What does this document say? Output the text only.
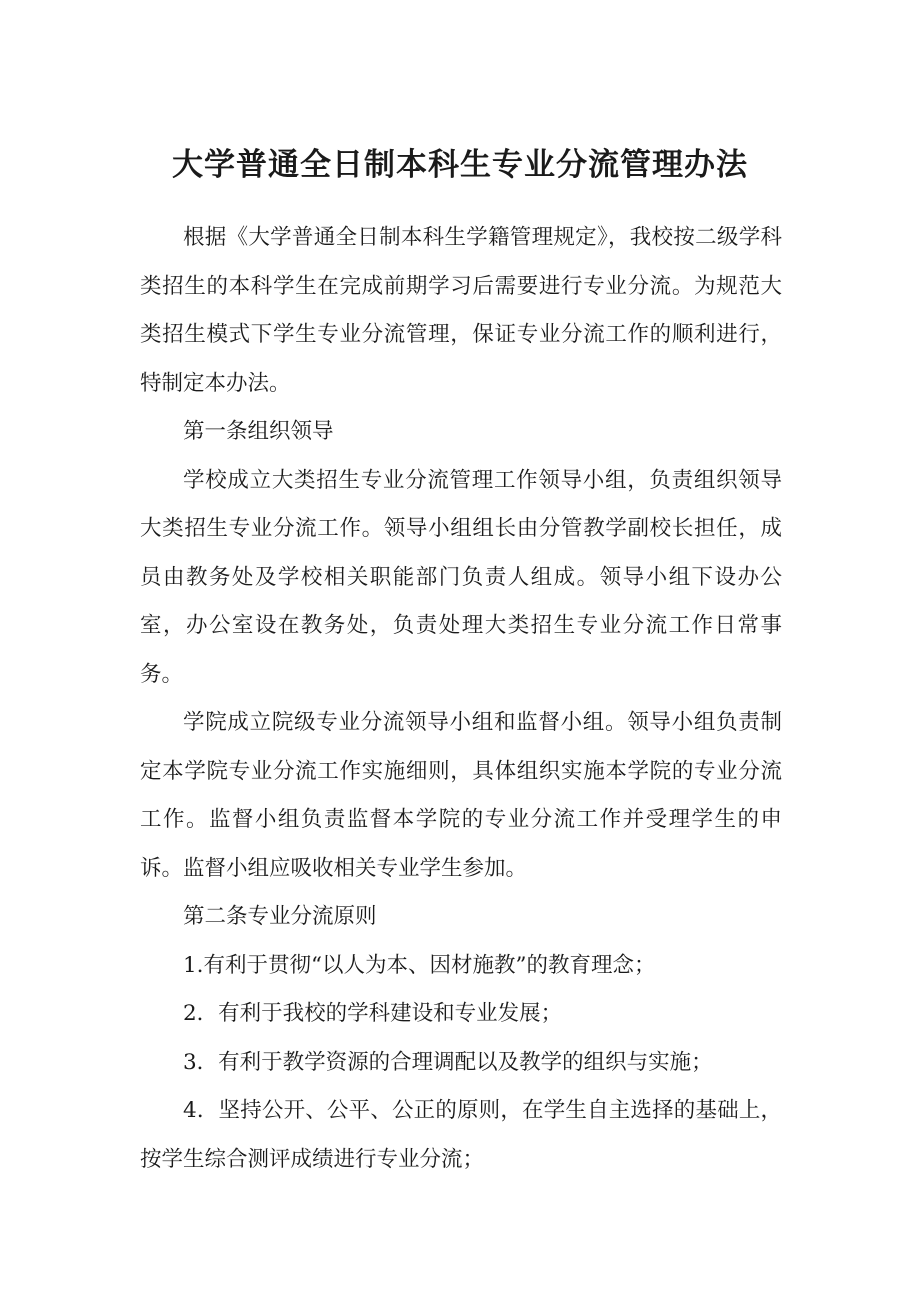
大学普通全日制本科生专业分流管理办法

根据《大学普通全日制本科生学籍管理规定》，我校按二级学科类招生的本科学生在完成前期学习后需要进行专业分流。为规范大类招生模式下学生专业分流管理，保证专业分流工作的顺利进行，特制定本办法。

第一条组织领导

学校成立大类招生专业分流管理工作领导小组，负责组织领导大类招生专业分流工作。领导小组组长由分管教学副校长担任，成员由教务处及学校相关职能部门负责人组成。领导小组下设办公室，办公室设在教务处，负责处理大类招生专业分流工作日常事务。

学院成立院级专业分流领导小组和监督小组。领导小组负责制定本学院专业分流工作实施细则，具体组织实施本学院的专业分流工作。监督小组负责监督本学院的专业分流工作并受理学生的申诉。监督小组应吸收相关专业学生参加。

第二条专业分流原则

1.有利于贯彻“以人为本、因材施教”的教育理念；

2．有利于我校的学科建设和专业发展；

3．有利于教学资源的合理调配以及教学的组织与实施；

4．坚持公开、公平、公正的原则，在学生自主选择的基础上，按学生综合测评成绩进行专业分流；
